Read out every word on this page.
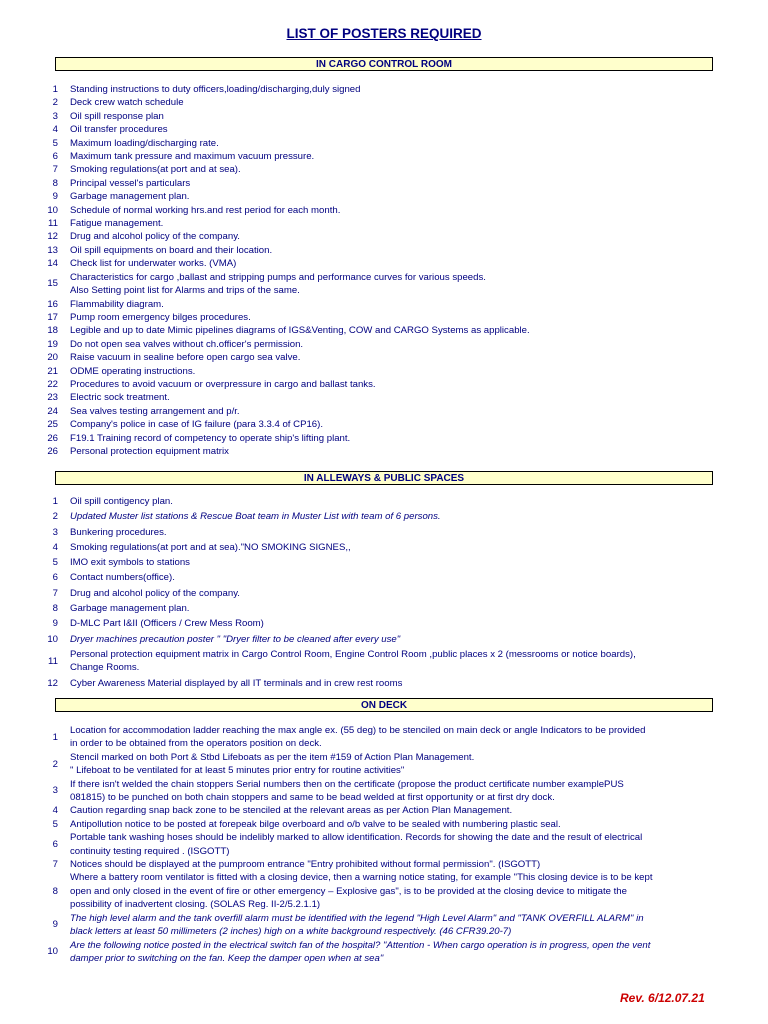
LIST OF POSTERS REQUIRED
IN CARGO CONTROL ROOM
1	Standing instructions to duty officers,loading/discharging,duly signed
2	Deck crew watch schedule
3	Oil spill response plan
4	Oil transfer procedures
5	Maximum loading/discharging rate.
6	Maximum tank pressure and maximum vacuum pressure.
7	Smoking regulations(at port and at sea).
8	Principal vessel's particulars
9	Garbage management plan.
10	Schedule of normal working hrs.and rest period for each month.
11	Fatigue management.
12	Drug and alcohol policy of the company.
13	Oil spill equipments on board and their location.
14	Check list for underwater works. (VMA)
15
Characteristics for cargo ,ballast and stripping pumps and performance curves for various speeds.
Also Setting point list for Alarms and trips of the same.
16	Flammability diagram.
17	Pump room emergency bilges procedures.
18	Legible and up to date Mimic pipelines diagrams of IGS&Venting, COW and CARGO Systems as applicable.
19	Do not open sea valves without ch.officer's permission.
20	Raise vacuum in sealine before open cargo sea valve.
21	ODME operating instructions.
22	Procedures to avoid vacuum or overpressure in cargo and ballast tanks.
23	Electric sock treatment.
24	Sea valves testing arrangement and p/r.
25	Company's police in case of IG failure (para 3.3.4 of CP16).
26	F19.1 Training record of competency to operate ship's lifting plant.
26	Personal protection equipment matrix
IN ALLEWAYS & PUBLIC SPACES
1	Oil spill contigency plan.
2	Updated Muster list stations & Rescue Boat team in Muster List with team of 6 persons.
3	Bunkering procedures.
4	Smoking regulations(at port and at sea)."NO SMOKING SIGNES,,
5	IMO exit symbols to stations
6	Contact numbers(office).
7	Drug and alcohol policy of the company.
8	Garbage management plan.
9	D-MLC Part I&II (Officers / Crew Mess Room)
10	Dryer machines precaution poster " "Dryer filter to be cleaned after every use"
11
Personal protection equipment matrix in Cargo Control Room, Engine Control Room ,public places x 2 (messrooms or notice boards),
Change Rooms.
12	Cyber Awareness Material displayed by all IT terminals and in crew rest rooms
ON DECK
1
Location for accommodation ladder reaching the max angle ex. (55 deg) to be stenciled on main deck or angle Indicators to be provided
in order to be obtained from the operators position on deck.
2
Stencil marked on both Port & Stbd Lifeboats as per the item #159 of Action Plan Management.
" Lifeboat to be ventilated for at least 5 minutes prior entry for routine activities"
3
If there isn't welded the chain stoppers Serial numbers then on the certificate (propose the product certificate number examplePUS
081815) to be punched on both chain stoppers and same to be bead welded at first opportunity or at first dry dock.
4	Caution regarding snap back zone to be stenciled at the relevant areas as per Action Plan Management.
5	Antipollution notice to be posted at forepeak bilge overboard and o/b valve to be sealed with numbering plastic seal.
6
Portable tank washing hoses should be indelibly marked to allow identification. Records for showing the date and the result of electrical
continuity testing required . (ISGOTT)
7	Notices should be displayed at the pumproom entrance "Entry prohibited without formal permission". (ISGOTT)
8
Where a battery room ventilator is fitted with a closing device, then a warning notice stating, for example "This closing device is to be kept
open and only closed in the event of fire or other emergency – Explosive gas", is to be provided at the closing device to mitigate the
possibility of inadvertent closing. (SOLAS Reg. II-2/5.2.1.1)
9
The high level alarm and the tank overfill alarm must be identified with the legend "High Level Alarm" and "TANK OVERFILL ALARM" in
black letters at least 50 millimeters (2 inches) high on a white background respectively. (46 CFR39.20-7)
10
Are the following notice posted in the electrical switch fan of the hospital? "Attention - When cargo operation is in progress, open the vent
damper prior to switching on the fan. Keep the damper open when at sea"
Rev. 6/12.07.21
